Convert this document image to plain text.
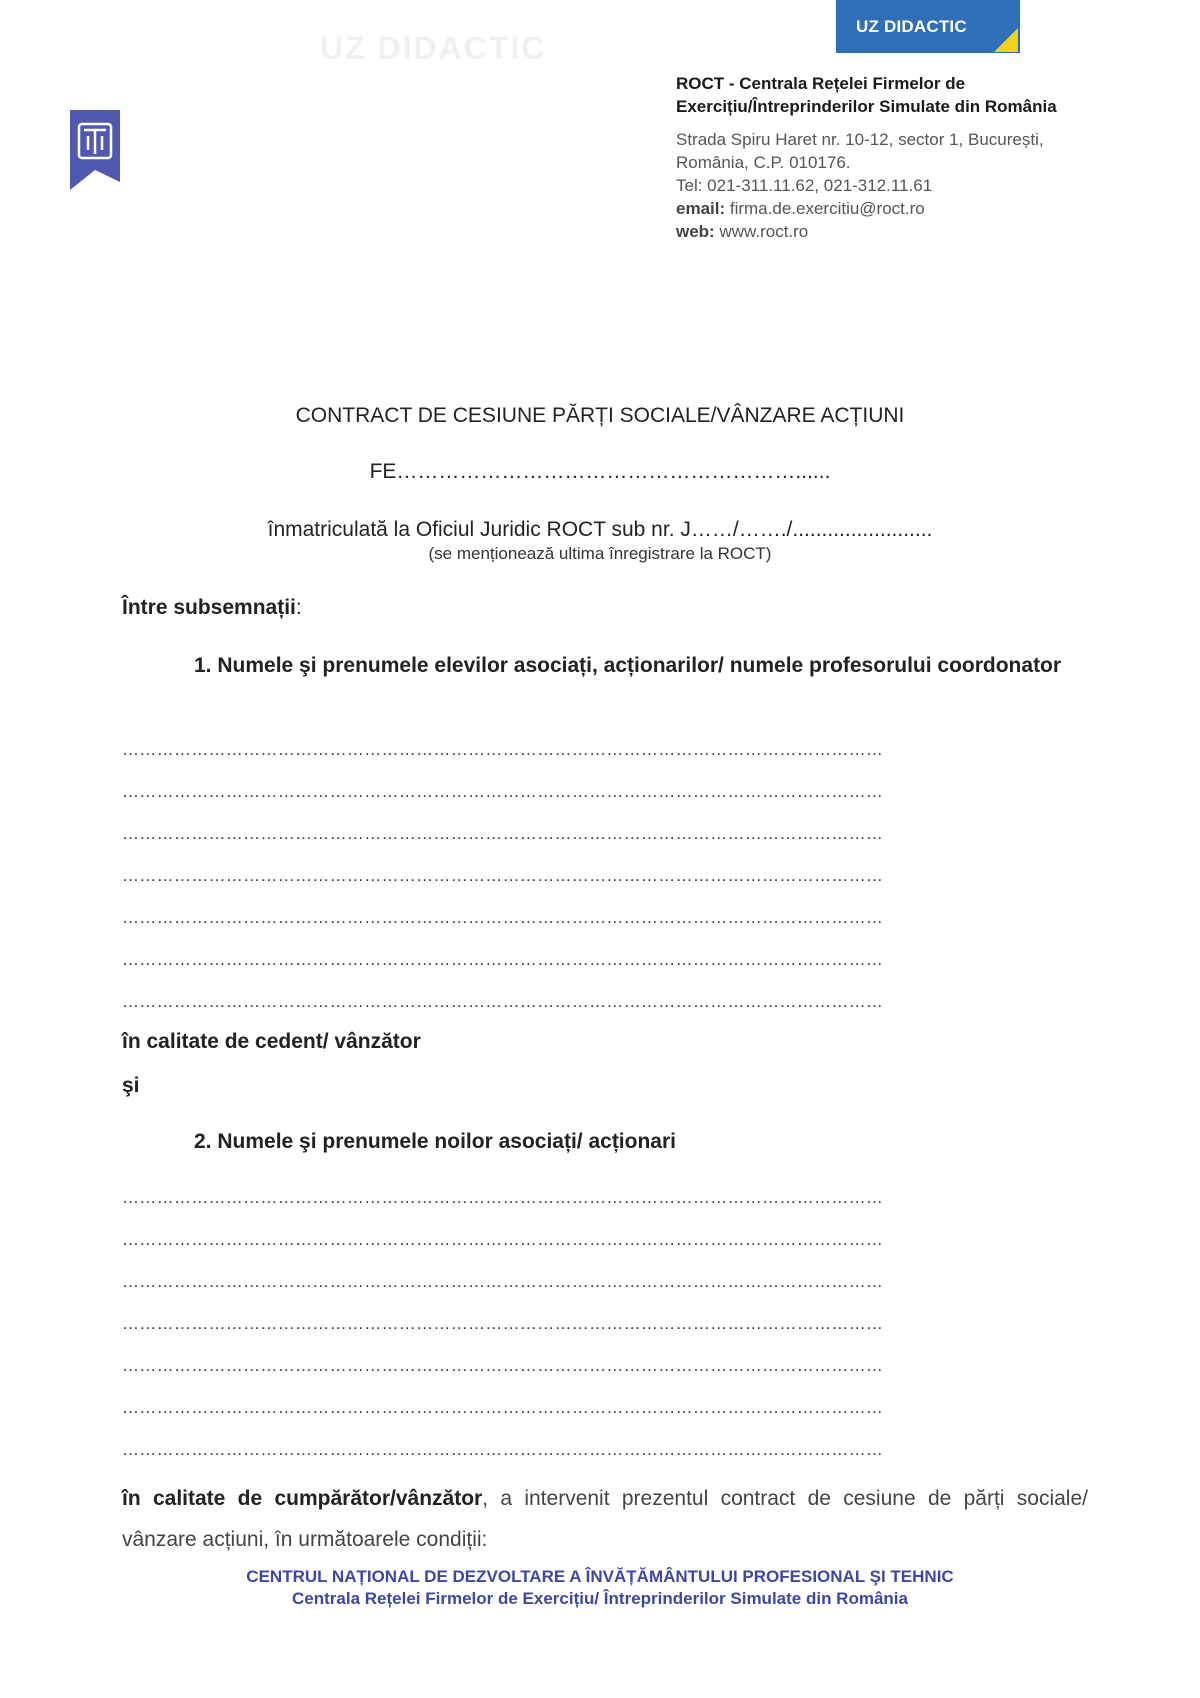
UZ DIDACTIC
UZ DIDACTIC
ROCT - Centrala Rețelei Firmelor de
Exercițiu/Întreprinderilor Simulate din România
Strada Spiru Haret nr. 10-12, sector 1, București,
România, C.P. 010176.
Tel: 021-311.11.62, 021-312.11.61
email: firma.de.exercitiu@roct.ro
web: www.roct.ro
CONTRACT DE CESIUNE PĂRȚI SOCIALE/VÂNZARE ACȚIUNI
FE…………………………………………………......
înmatriculată la Oficiul Juridic ROCT sub nr. J……/……./........................
(se menționează ultima înregistrare la ROCT)
Între subsemnații:
1. Numele şi prenumele elevilor asociați, acționarilor/ numele profesorului coordonator
……………………………………………………………………………………………………………………
……………………………………………………………………………………………………………………
……………………………………………………………………………………………………………………
……………………………………………………………………………………………………………………
……………………………………………………………………………………………………………………
……………………………………………………………………………………………………………………
……………………………………………………………………………………………………………………
în calitate de cedent/ vânzător
şi
2. Numele şi prenumele noilor asociați/ acționari
……………………………………………………………………………………………………………………
……………………………………………………………………………………………………………………
……………………………………………………………………………………………………………………
……………………………………………………………………………………………………………………
……………………………………………………………………………………………………………………
……………………………………………………………………………………………………………………
……………………………………………………………………………………………………………………
în calitate de cumpărător/vânzător, a intervenit prezentul contract de cesiune de părți sociale/ vânzare acțiuni, în următoarele condiții:
CENTRUL NAȚIONAL DE DEZVOLTARE A ÎNVĂȚĂMÂNTULUI PROFESIONAL ŞI TEHNIC
Centrala Rețelei Firmelor de Exercițiu/ Întreprinderilor Simulate din România
